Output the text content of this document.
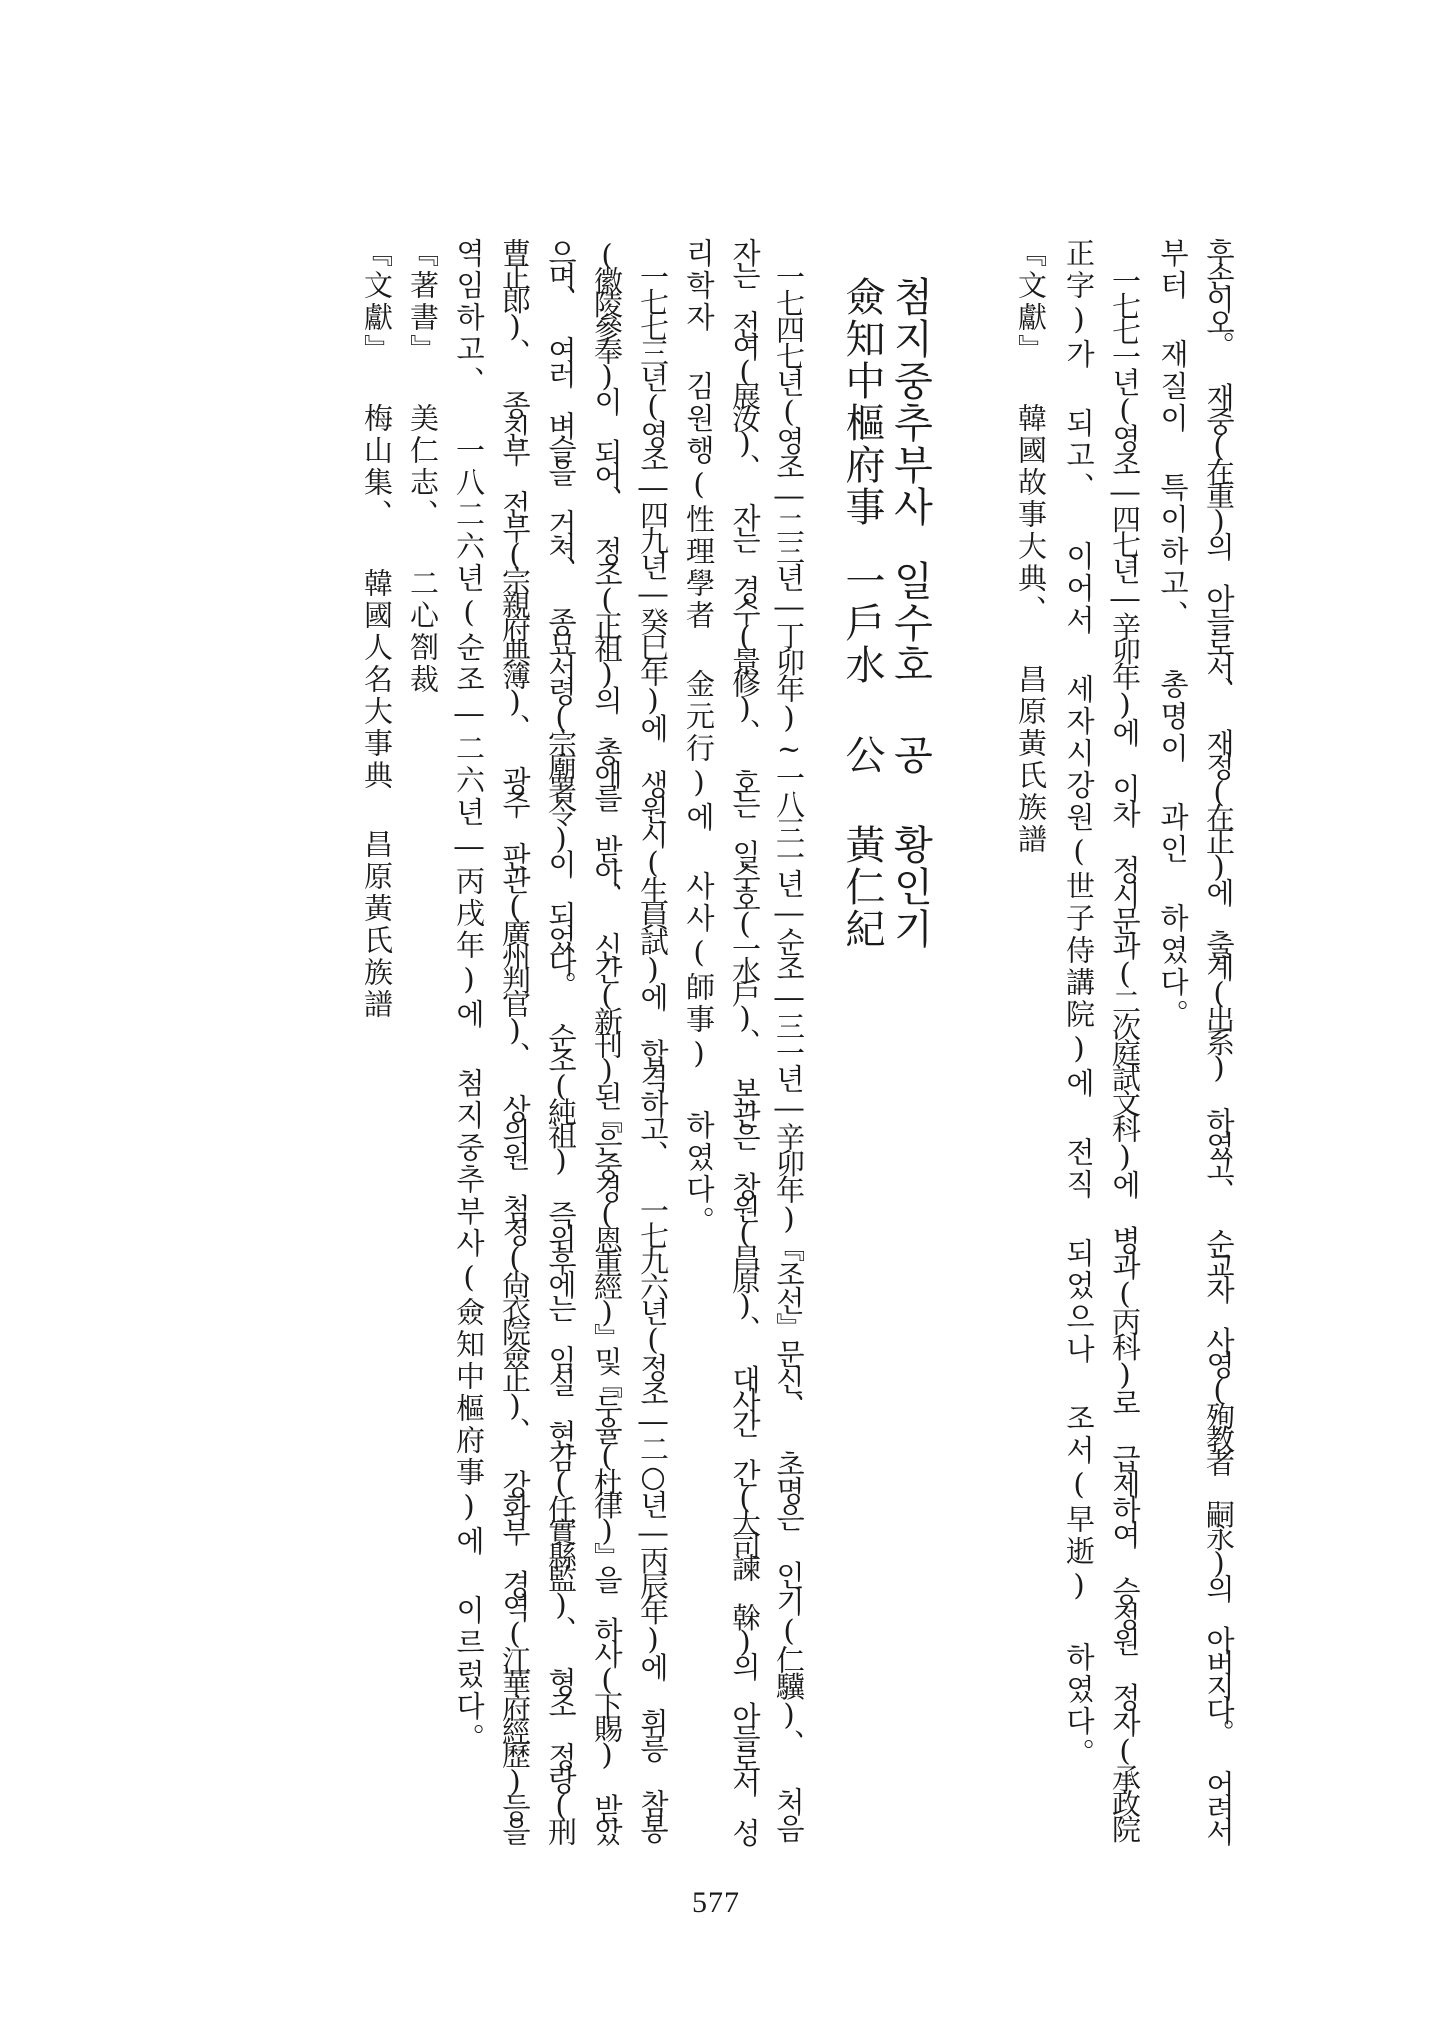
후손이오。 재중(在重)의 아들로서、 재정(在正)에 출계(出系) 하였고、 순교자 사영(殉教者 嗣永)의 아버지다。 어려서
부터 재질이 특이하고、 총명이 과인 하였다。
一七七一년(영조―四七년―辛卯年)에 이차 정시문과(二次庭試文科)에 병과(丙科)로 급제하여 승정원 정자(承政院
正字)가 되고、 이어서 세자시강원(世子侍講院)에 전직 되었으나 조서(早逝) 하였다。
『文獻』 韓國故事大典、 昌原黃氏族譜
첨지중추부사
일수호 공 황인기
僉知中樞府事
一戶水 公 黃仁紀
一七四七년(영조―二三년―丁卯年)~一八三一년―순조―三一년―辛卯年)『조선』문신、 초명은 인기(仁驥)、 처음
자는 전여(展汝)、 자는 경수(景修)、 호는 일수호(一水戶)、 본관은 창원(昌原)、 대사간 간(大司諫 榦)의 아들로서 성
리학자 김원행(性理學者 金元行)에 사사(師事) 하였다。
一七七三년(영조―四九년―癸巳年)에 생원시(生員試)에 합격하고、 一七九六년(정조―二○년―丙辰年)에 휘릉 참봉
(徽陵參奉)이 되어、 정조(正祖)의 총애를 받아、 신간(新刊)된『은중경(恩重經)』및『두율(杜律)』을 하사(下賜) 받았
으며、 여러 벼슬을 거쳐、 종묘서령(宗廟署令)이 되었다。 순조(純祖) 즉위후에는 임실 현감(任實縣監)、 형조 정랑(刑
曹正郎)、 종친부 전부(宗親府典簿)、 광주 판관(廣州判官)、 상의원 첨정(尙衣院僉正)、 강화부 경역(江華府經歷)등을
역임하고、 一八二六년(순조―二六년―丙戌年)에 첨지중추부사(僉知中樞府事)에 이르렀다。
『著書』 美仁志、 二心劄裁
『文獻』 梅山集、 韓國人名大事典 昌原黃氏族譜
577
